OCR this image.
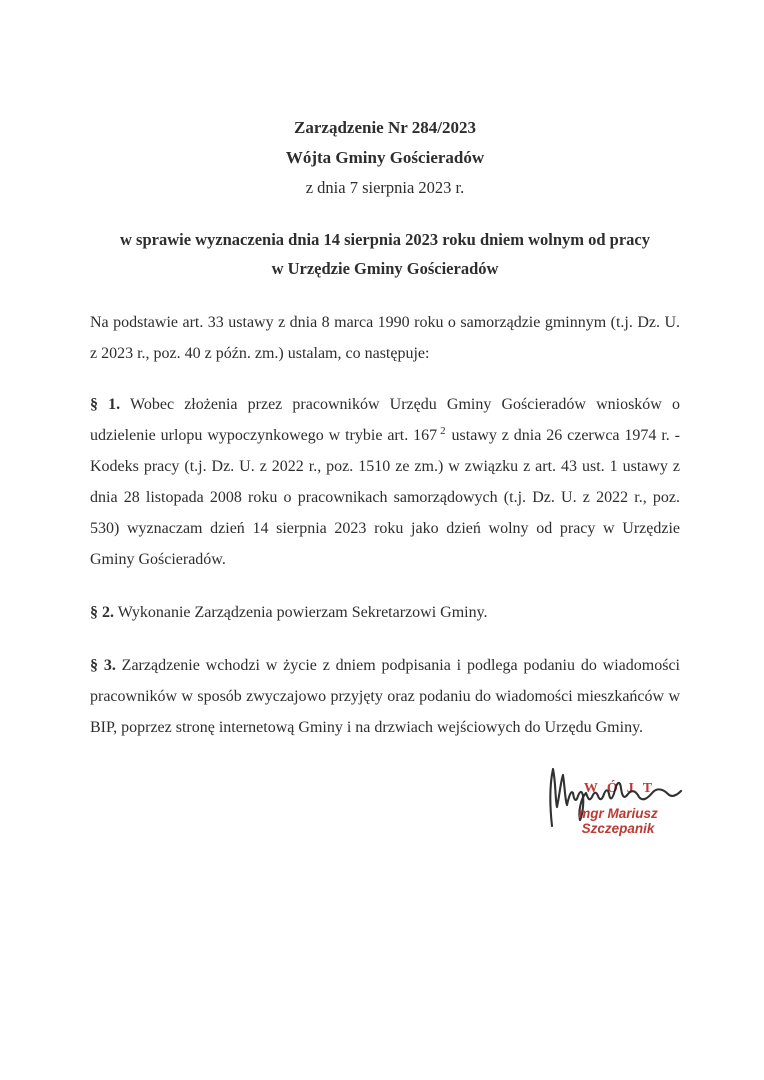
Zarządzenie Nr 284/2023
Wójta Gminy Gościeradów
z dnia 7 sierpnia 2023 r.
w sprawie wyznaczenia dnia 14 sierpnia 2023 roku dniem wolnym od pracy
w Urzędzie Gminy Gościeradów

Na podstawie art. 33 ustawy z dnia 8 marca 1990 roku o samorządzie gminnym (t.j. Dz. U. z 2023 r., poz. 40 z późn. zm.) ustalam, co następuje:

§ 1. Wobec złożenia przez pracowników Urzędu Gminy Gościeradów wniosków o udzielenie urlopu wypoczynkowego w trybie art. 167 $^2$ ustawy z dnia 26 czerwca 1974 r. - Kodeks pracy (t.j. Dz. U. z 2022 r., poz. 1510 ze zm.) w związku z art. 43 ust. 1 ustawy z dnia 28 listopada 2008 roku o pracownikach samorządowych (t.j. Dz. U. z 2022 r., poz. 530) wyznaczam dzień 14 sierpnia 2023 roku jako dzień wolny od pracy w Urzędzie Gminy Gościeradów.

§ 2. Wykonanie Zarządzenia powierzam Sekretarzowi Gminy.

§ 3. Zarządzenie wchodzi w życie z dniem podpisania i podlega podaniu do wiadomości pracowników w sposób zwyczajowo przyjęty oraz podaniu do wiadomości mieszkańców w BIP, poprzez stronę internetową Gminy i na drzwiach wejściowych do Urzędu Gminy.

WÓJT
mgr Mariusz Szczepanik
